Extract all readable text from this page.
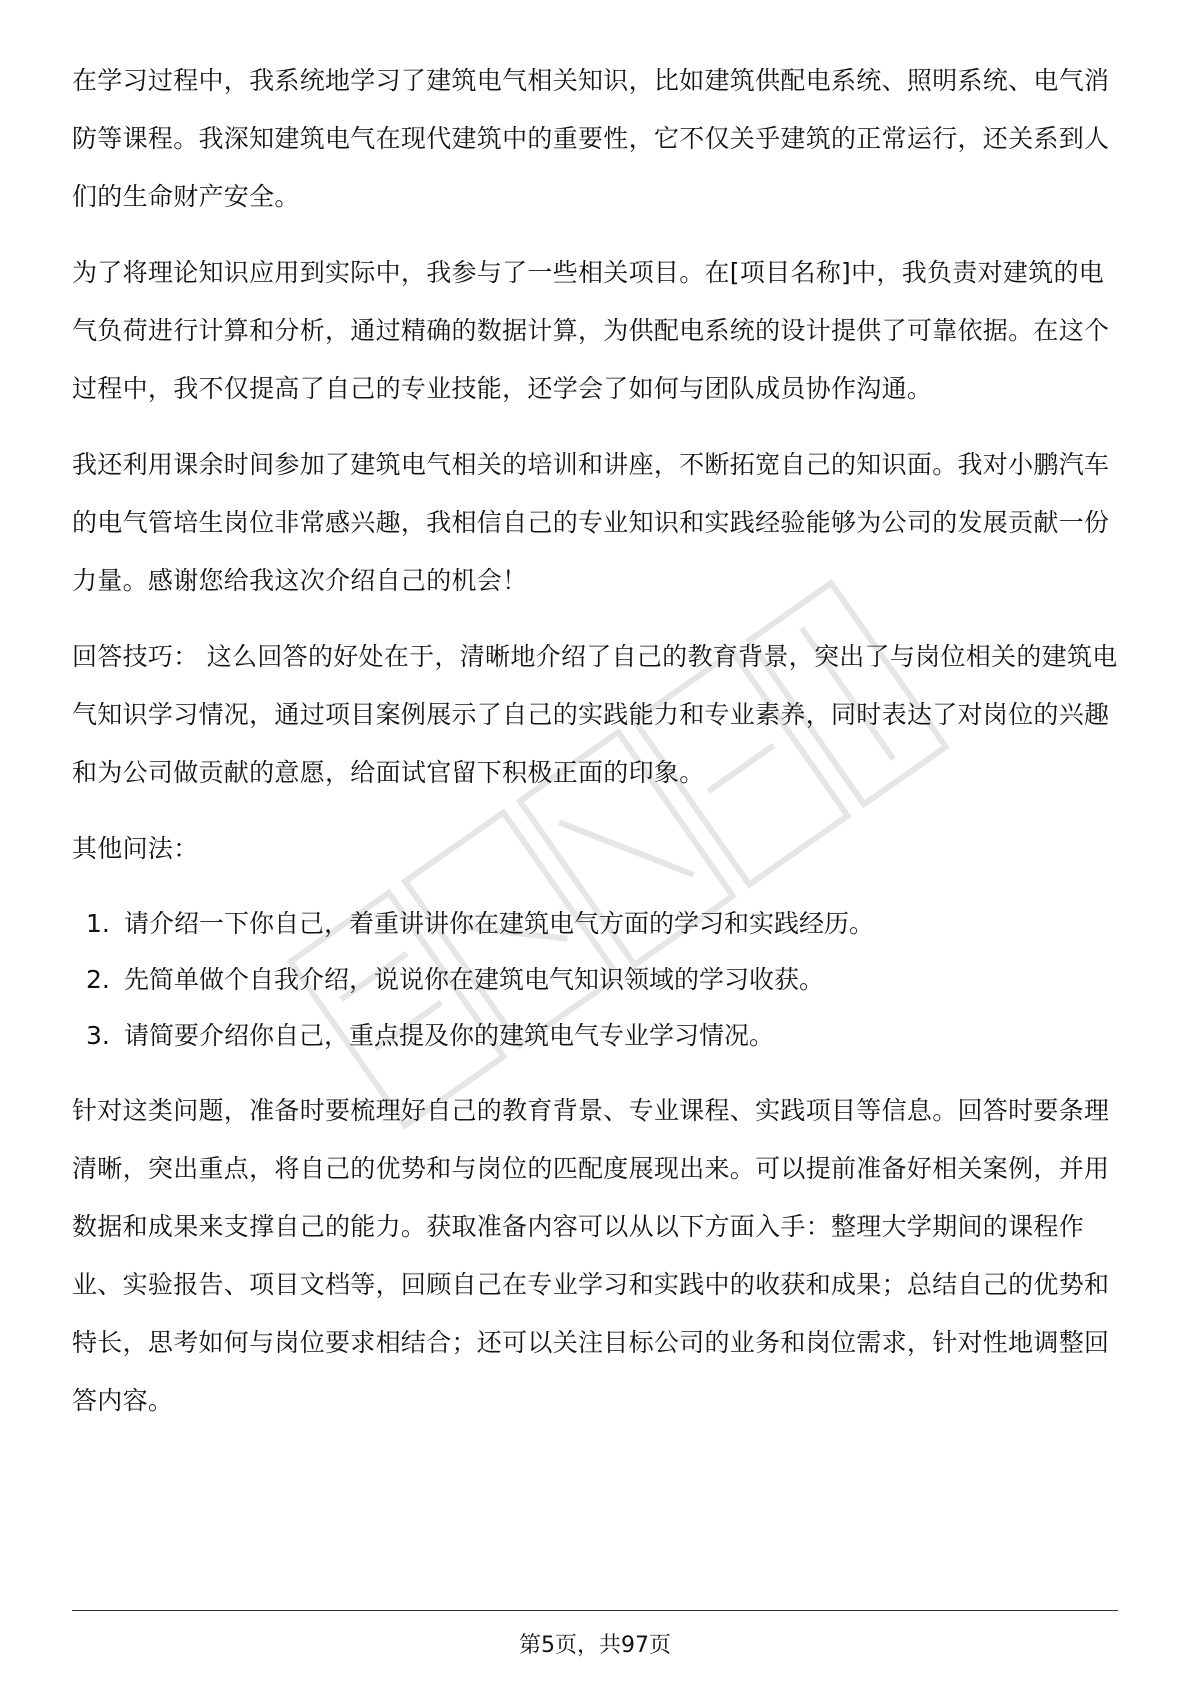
在学习过程中，我系统地学习了建筑电气相关知识，比如建筑供配电系统、照明系统、电气消防等课程。我深知建筑电气在现代建筑中的重要性，它不仅关乎建筑的正常运行，还关系到人们的生命财产安全。

为了将理论知识应用到实际中，我参与了一些相关项目。在[项目名称]中，我负责对建筑的电气负荷进行计算和分析，通过精确的数据计算，为供配电系统的设计提供了可靠依据。在这个过程中，我不仅提高了自己的专业技能，还学会了如何与团队成员协作沟通。

我还利用课余时间参加了建筑电气相关的培训和讲座，不断拓宽自己的知识面。我对小鹏汽车的电气管培生岗位非常感兴趣，我相信自己的专业知识和实践经验能够为公司的发展贡献一份力量。感谢您给我这次介绍自己的机会！

回答技巧： 这么回答的好处在于，清晰地介绍了自己的教育背景，突出了与岗位相关的建筑电气知识学习情况，通过项目案例展示了自己的实践能力和专业素养，同时表达了对岗位的兴趣和为公司做贡献的意愿，给面试官留下积极正面的印象。

其他问法：

1. 请介绍一下你自己，着重讲讲你在建筑电气方面的学习和实践经历。
2. 先简单做个自我介绍，说说你在建筑电气知识领域的学习收获。
3. 请简要介绍你自己，重点提及你的建筑电气专业学习情况。

针对这类问题，准备时要梳理好自己的教育背景、专业课程、实践项目等信息。回答时要条理清晰，突出重点，将自己的优势和与岗位的匹配度展现出来。可以提前准备好相关案例，并用数据和成果来支撑自己的能力。获取准备内容可以从以下方面入手：整理大学期间的课程作业、实验报告、项目文档等，回顾自己在专业学习和实践中的收获和成果；总结自己的优势和特长，思考如何与岗位要求相结合；还可以关注目标公司的业务和岗位需求，针对性地调整回答内容。

第5页，共97页
